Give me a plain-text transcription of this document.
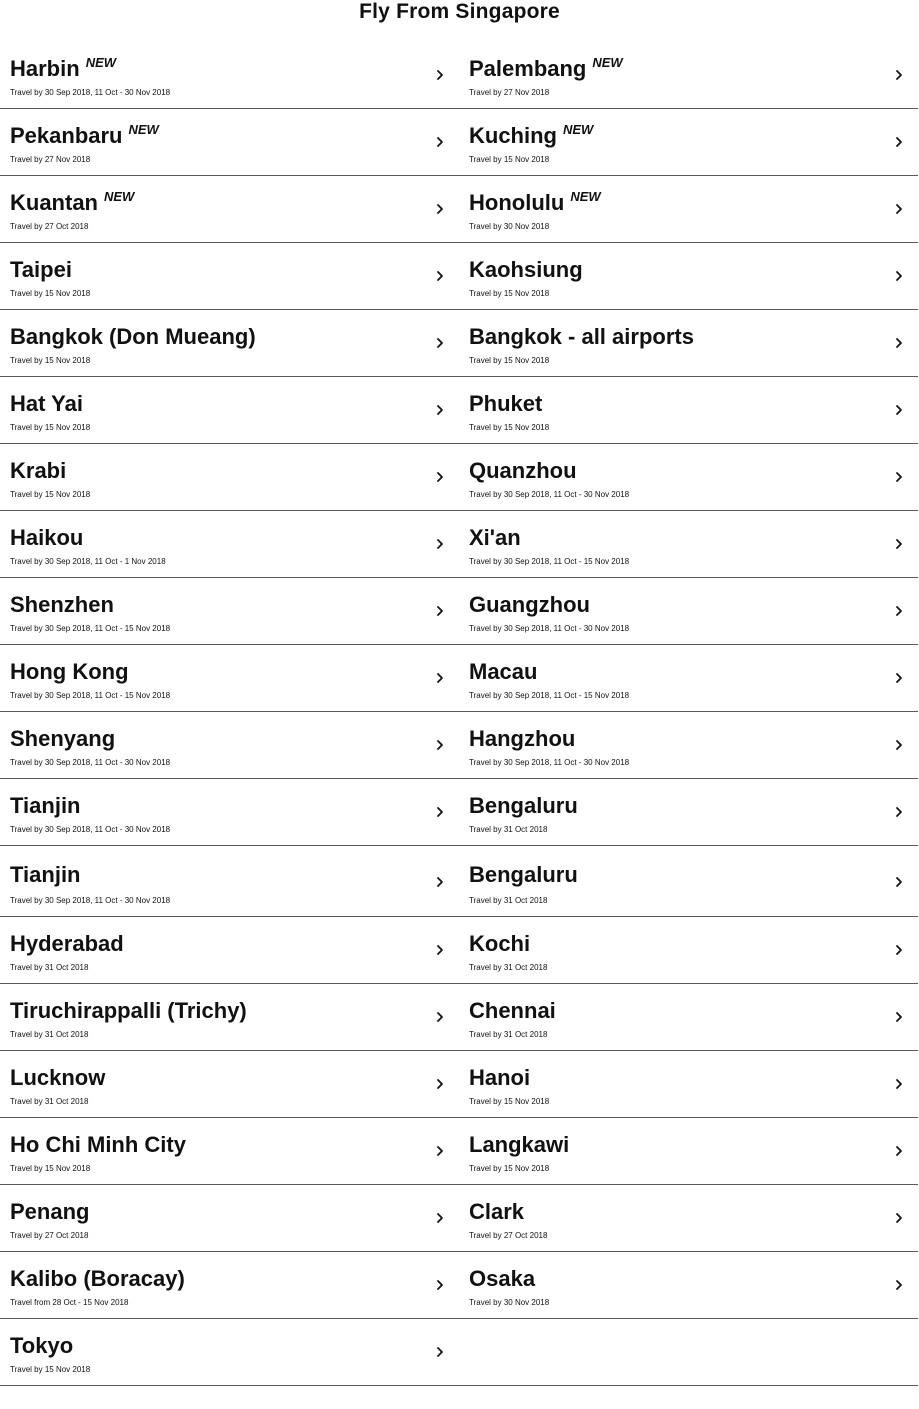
Fly From Singapore
Harbin $^{NEW}$
Travel by 30 Sep 2018, 11 Oct - 30 Nov 2018
Palembang $^{NEW}$
Travel by 27 Nov 2018
Pekanbaru $^{NEW}$
Travel by 27 Nov 2018
Kuching $^{NEW}$
Travel by 15 Nov 2018
Kuantan $^{NEW}$
Travel by 27 Oct 2018
Honolulu $^{NEW}$
Travel by 30 Nov 2018
Taipei
Travel by 15 Nov 2018
Kaohsiung
Travel by 15 Nov 2018
Bangkok (Don Mueang)
Travel by 15 Nov 2018
Bangkok - all airports
Travel by 15 Nov 2018
Hat Yai
Travel by 15 Nov 2018
Phuket
Travel by 15 Nov 2018
Krabi
Travel by 15 Nov 2018
Quanzhou
Travel by 30 Sep 2018, 11 Oct - 30 Nov 2018
Haikou
Travel by 30 Sep 2018, 11 Oct - 1 Nov 2018
Xi'an
Travel by 30 Sep 2018, 11 Oct - 15 Nov 2018
Shenzhen
Travel by 30 Sep 2018, 11 Oct - 15 Nov 2018
Guangzhou
Travel by 30 Sep 2018, 11 Oct - 30 Nov 2018
Hong Kong
Travel by 30 Sep 2018, 11 Oct - 15 Nov 2018
Macau
Travel by 30 Sep 2018, 11 Oct - 15 Nov 2018
Shenyang
Travel by 30 Sep 2018, 11 Oct - 30 Nov 2018
Hangzhou
Travel by 30 Sep 2018, 11 Oct - 30 Nov 2018
Tianjin
Travel by 30 Sep 2018, 11 Oct - 30 Nov 2018
Bengaluru
Travel by 31 Oct 2018
Tianjin
Travel by 30 Sep 2018, 11 Oct - 30 Nov 2018
Bengaluru
Travel by 31 Oct 2018
Hyderabad
Travel by 31 Oct 2018
Kochi
Travel by 31 Oct 2018
Tiruchirappalli (Trichy)
Travel by 31 Oct 2018
Chennai
Travel by 31 Oct 2018
Lucknow
Travel by 31 Oct 2018
Hanoi
Travel by 15 Nov 2018
Ho Chi Minh City
Travel by 15 Nov 2018
Langkawi
Travel by 15 Nov 2018
Penang
Travel by 27 Oct 2018
Clark
Travel by 27 Oct 2018
Kalibo (Boracay)
Travel from 28 Oct - 15 Nov 2018
Osaka
Travel by 30 Nov 2018
Tokyo
Travel by 15 Nov 2018
